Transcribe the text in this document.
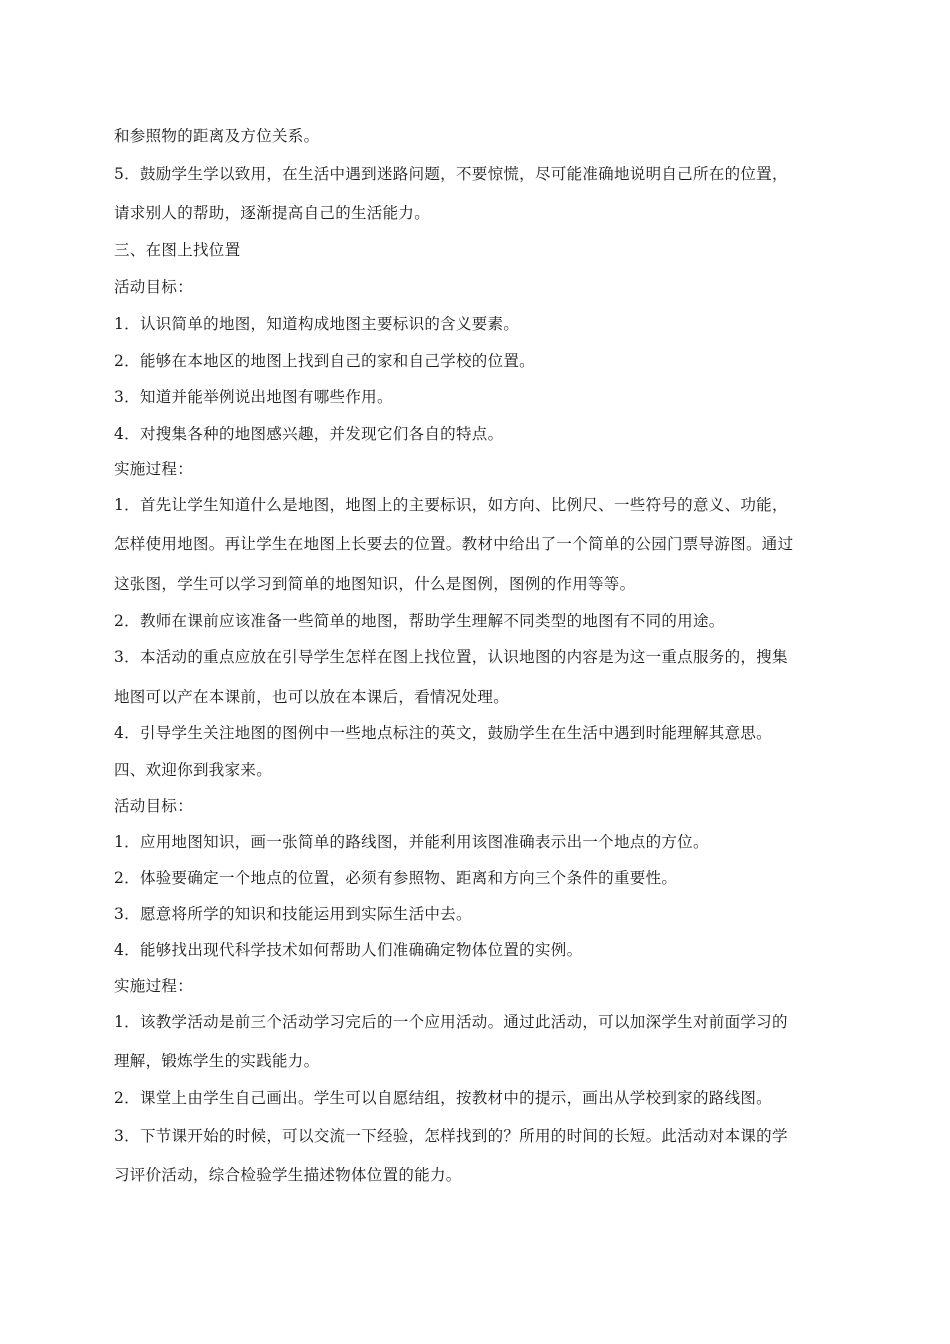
和参照物的距离及方位关系。
5．鼓励学生学以致用，在生活中遇到迷路问题，不要惊慌，尽可能准确地说明自己所在的位置，
请求别人的帮助，逐渐提高自己的生活能力。
三、在图上找位置
活动目标：
1．认识简单的地图，知道构成地图主要标识的含义要素。
2．能够在本地区的地图上找到自己的家和自己学校的位置。
3．知道并能举例说出地图有哪些作用。
4．对搜集各种的地图感兴趣，并发现它们各自的特点。
实施过程：
1．首先让学生知道什么是地图，地图上的主要标识，如方向、比例尺、一些符号的意义、功能，
怎样使用地图。再让学生在地图上长要去的位置。教材中给出了一个简单的公园门票导游图。通过
这张图，学生可以学习到简单的地图知识，什么是图例，图例的作用等等。
2．教师在课前应该准备一些简单的地图，帮助学生理解不同类型的地图有不同的用途。
3．本活动的重点应放在引导学生怎样在图上找位置，认识地图的内容是为这一重点服务的，搜集
地图可以产在本课前，也可以放在本课后，看情况处理。
4．引导学生关注地图的图例中一些地点标注的英文，鼓励学生在生活中遇到时能理解其意思。
四、欢迎你到我家来。
活动目标：
1．应用地图知识，画一张简单的路线图，并能利用该图准确表示出一个地点的方位。
2．体验要确定一个地点的位置，必须有参照物、距离和方向三个条件的重要性。
3．愿意将所学的知识和技能运用到实际生活中去。
4．能够找出现代科学技术如何帮助人们准确确定物体位置的实例。
实施过程：
1．该教学活动是前三个活动学习完后的一个应用活动。通过此活动，可以加深学生对前面学习的
理解，锻炼学生的实践能力。
2．课堂上由学生自己画出。学生可以自愿结组，按教材中的提示，画出从学校到家的路线图。
3．下节课开始的时候，可以交流一下经验，怎样找到的？所用的时间的长短。此活动对本课的学
习评价活动，综合检验学生描述物体位置的能力。
